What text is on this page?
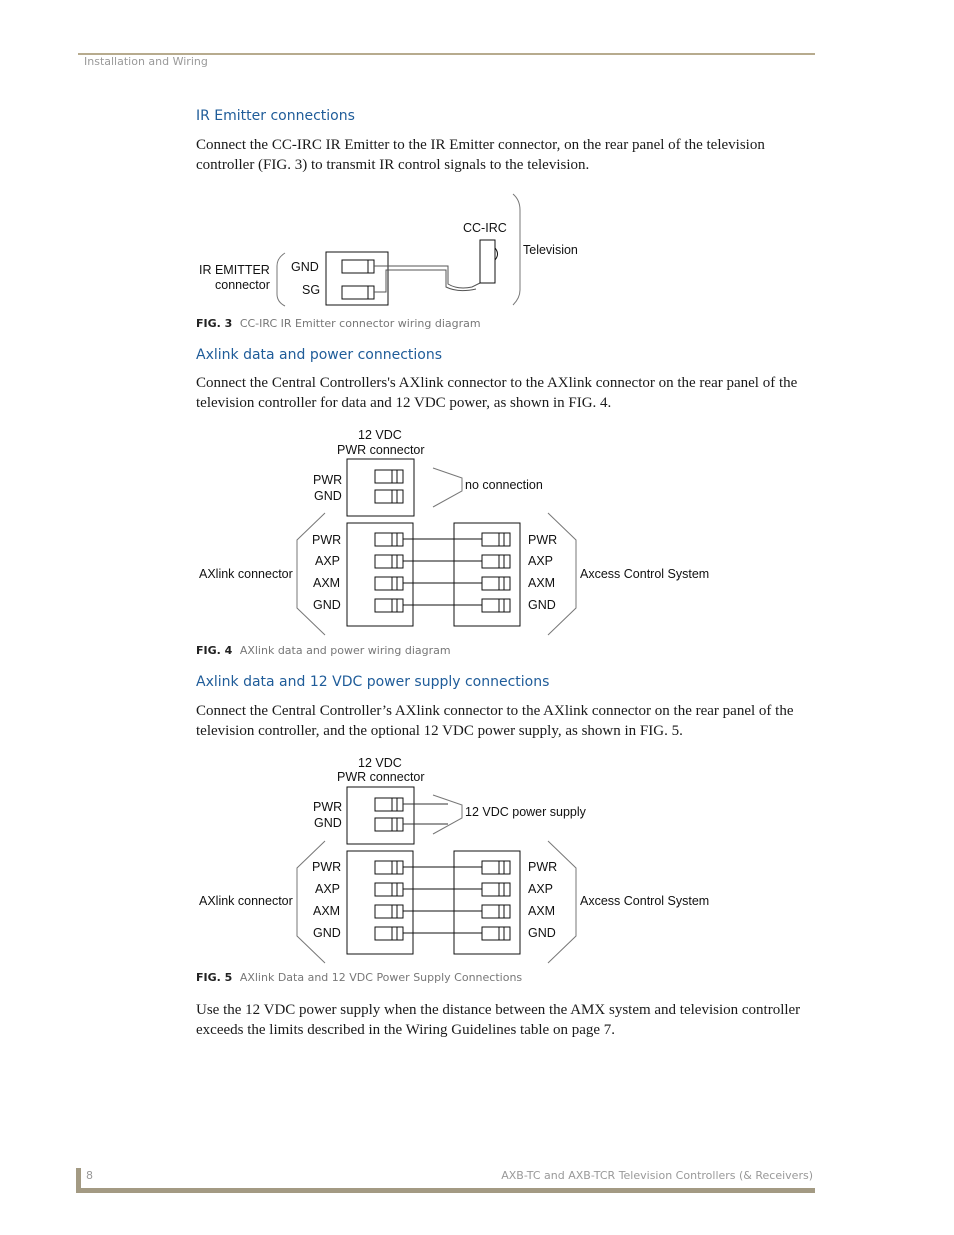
Installation and Wiring
IR Emitter connections

Connect the CC-IRC IR Emitter to the IR Emitter connector, on the rear panel of the television controller (FIG. 3) to transmit IR control signals to the television.

IR EMITTER
connector
GND
SG
CC-IRC
Television
12 VDC
PWR connector
PWR
GND
no connection
AXlink connector
PWR
AXP
AXM
GND
PWR
AXP
AXM
GND
Axcess Control System
12 VDC
PWR connector
PWR
GND
12 VDC power supply
AXlink connector
PWR
AXP
AXM
GND
PWR
AXP
AXM
GND
Axcess Control System
FIG. 3 CC-IRC IR Emitter connector wiring diagram
Axlink data and power connections

Connect the Central Controllers's AXlink connector to the AXlink connector on the rear panel of the television controller for data and 12 VDC power, as shown in FIG. 4.

FIG. 4 AXlink data and power wiring diagram
Axlink data and 12 VDC power supply connections

Connect the Central Controller’s AXlink connector to the AXlink connector on the rear panel of the television controller, and the optional 12 VDC power supply, as shown in FIG. 5.

FIG. 5 AXlink Data and 12 VDC Power Supply Connections

Use the 12 VDC power supply when the distance between the AMX system and television controller exceeds the limits described in the Wiring Guidelines table on page 7.

8	AXB-TC and AXB-TCR Television Controllers (& Receivers)
